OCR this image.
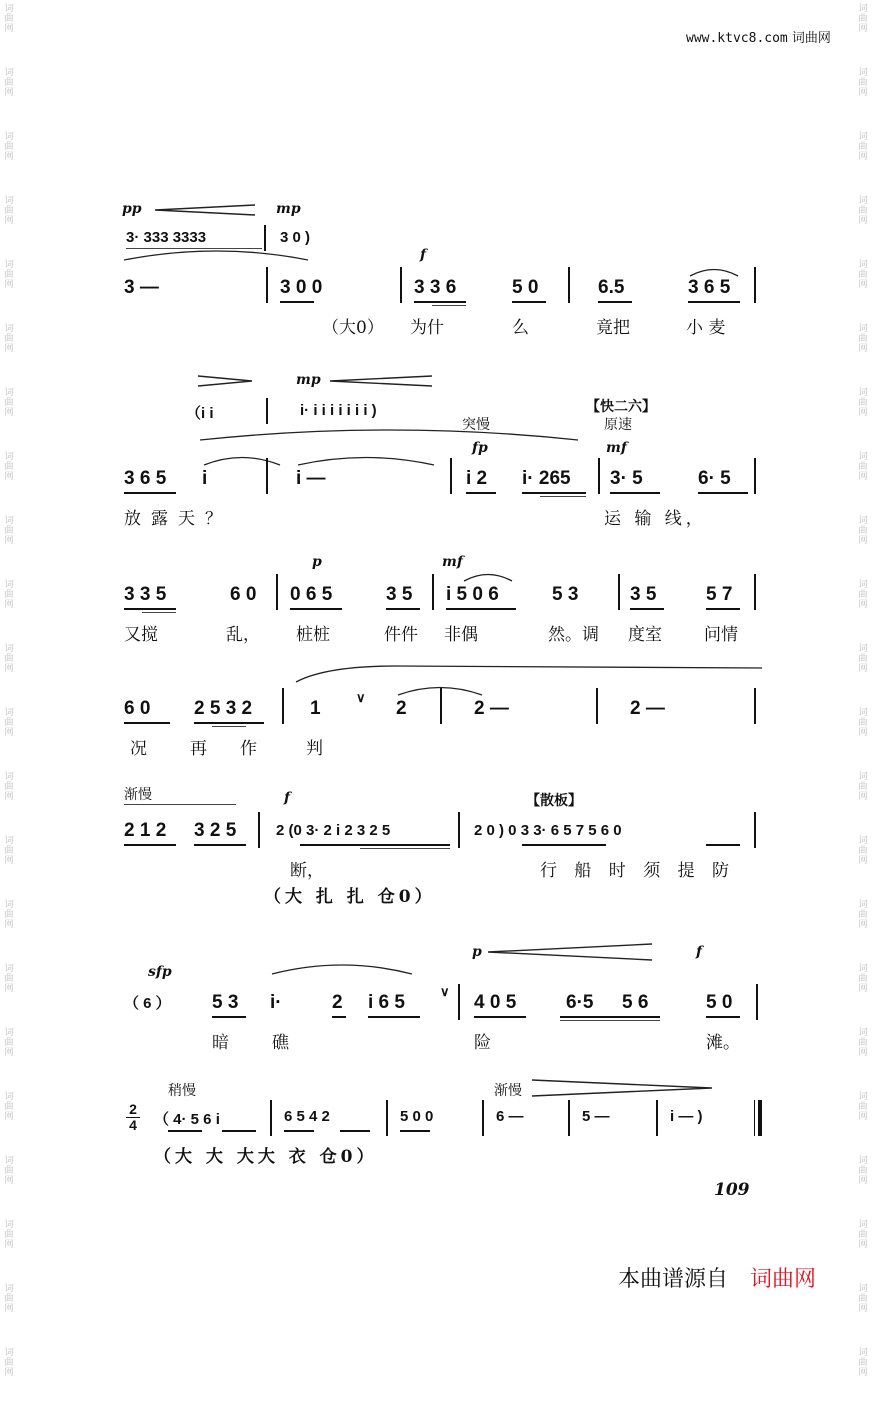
词
曲
网
词
曲
网
词
曲
网
词
曲
网
词
曲
网
词
曲
网
词
曲
网
词
曲
网
词
曲
网
词
曲
网
词
曲
网
词
曲
网
词
曲
网
词
曲
网
词
曲
网
词
曲
网
词
曲
网
词
曲
网
词
曲
网
词
曲
网
词
曲
网
词
曲
网
词
曲
网
词
曲
网
词
曲
网
词
曲
网
词
曲
网
词
曲
网
词
曲
网
词
曲
网
词
曲
网
词
曲
网
词
曲
网
词
曲
网
词
曲
网
词
曲
网
词
曲
网
词
曲
网
词
曲
网
词
曲
网
词
曲
网
词
曲
网
词
曲
网
词
曲
网
www.ktvc8.com 词曲网
pp	mp
3· 333 3333	3 0 )
f
3 —	3 0 0	3 3 6	5 0	6.5	3 6 5
（大0） 为什	么	竟把	小 麦
mp
【快二六】
（i i	i· i i i i i i i )
突慢	原速
fp	mf
3 6 5 i	i —	i 2 i· 265 3· 5	6· 5
放露天？	运 输 线，
p	mf
3 3 5	6 0 0 6 5	3 5 i 5 0 6	5 3	3 5	5 7
又搅	乱， 桩桩	件件 非偶	然。调 度室 问情
6 0 2 5 3 2	1
∨
2	2 —	2 —
况	再 作	判
渐慢	f	【散板】
2 1 2 3 2 5	2 (0 3· 2 i 2 3 2 5	2 0 ) 0 3 3· 6 5 7 5 6 0
断，	行 船 时 须 提 防
（大 扎 扎 仓0）
p	f
sfp
（ 6 ） 5 3 i·	2 i 6 5
∨
4 0 5	6·5 5 6	5 0
暗	礁	险	滩。
稍慢	渐慢
2
4 （ 4· 5 6 i	6 5 4 2	5 0 0	6 —	5 —	i — )
（大 大 大大 衣 仓0）
109
本曲谱源自 词曲网
